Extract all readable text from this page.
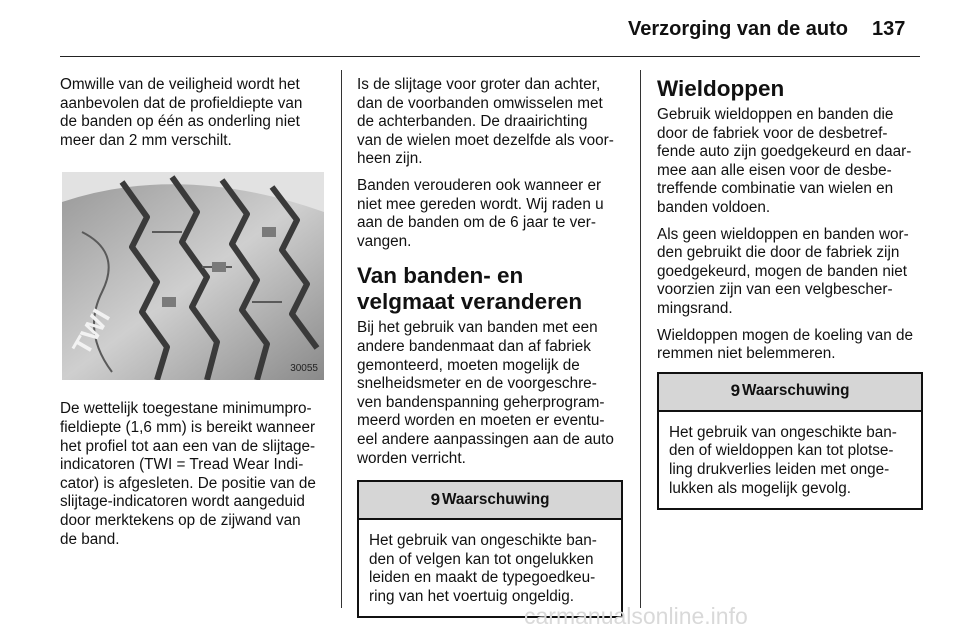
Verzorging van de auto 137

Omwille van de veiligheid wordt het
aanbevolen dat de profieldiepte van
de banden op één as onderling niet
meer dan 2 mm verschilt.

TWI
30055

De wettelijk toegestane minimumpro-
fieldiepte (1,6 mm) is bereikt wanneer
het profiel tot aan een van de slijtage-
indicatoren (TWI = Tread Wear Indi-
cator) is afgesleten. De positie van de
slijtage-indicatoren wordt aangeduid
door merktekens op de zijwand van
de band.

Is de slijtage voor groter dan achter,
dan de voorbanden omwisselen met
de achterbanden. De draairichting
van de wielen moet dezelfde als voor-
heen zijn.

Banden verouderen ook wanneer er
niet mee gereden wordt. Wij raden u
aan de banden om de 6 jaar te ver-
vangen.

Van banden- en velgmaat veranderen

Bij het gebruik van banden met een
andere bandenmaat dan af fabriek
gemonteerd, moeten mogelijk de
snelheidsmeter en de voorgeschre-
ven bandenspanning geherprogram-
meerd worden en moeten er eventu-
eel andere aanpassingen aan de auto
worden verricht.

9 Waarschuwing
Het gebruik van ongeschikte ban-
den of velgen kan tot ongelukken
leiden en maakt de typegoedkeu-
ring van het voertuig ongeldig.
Wieldoppen

Gebruik wieldoppen en banden die
door de fabriek voor de desbetref-
fende auto zijn goedgekeurd en daar-
mee aan alle eisen voor de desbe-
treffende combinatie van wielen en
banden voldoen.

Als geen wieldoppen en banden wor-
den gebruikt die door de fabriek zijn
goedgekeurd, mogen de banden niet
voorzien zijn van een velgbescher-
mingsrand.

Wieldoppen mogen de koeling van de
remmen niet belemmeren.

9 Waarschuwing
Het gebruik van ongeschikte ban-
den of wieldoppen kan tot plotse-
ling drukverlies leiden met onge-
lukken als mogelijk gevolg.
carmanualsonline.info
